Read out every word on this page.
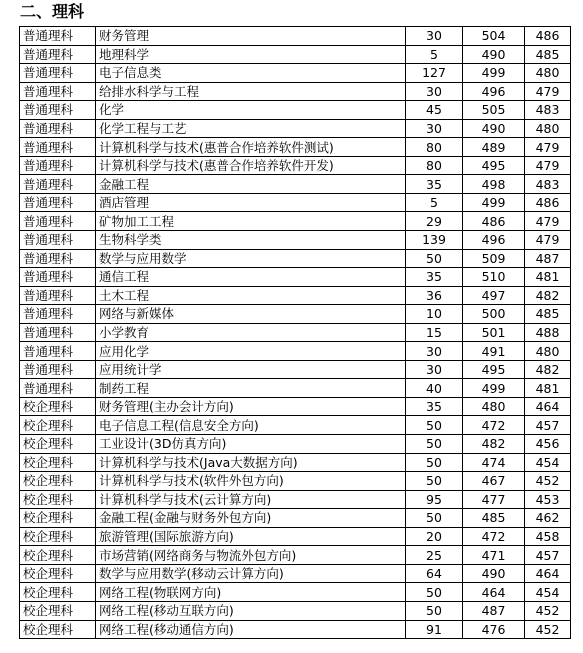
二、理科
普通理科	财务管理	30	504	486
普通理科	地理科学	5	490	485
普通理科	电子信息类	127	499	480
普通理科	给排水科学与工程	30	496	479
普通理科	化学	45	505	483
普通理科	化学工程与工艺	30	490	480
普通理科	计算机科学与技术(惠普合作培养软件测试)	80	489	479
普通理科	计算机科学与技术(惠普合作培养软件开发)	80	495	479
普通理科	金融工程	35	498	483
普通理科	酒店管理	5	499	486
普通理科	矿物加工工程	29	486	479
普通理科	生物科学类	139	496	479
普通理科	数学与应用数学	50	509	487
普通理科	通信工程	35	510	481
普通理科	土木工程	36	497	482
普通理科	网络与新媒体	10	500	485
普通理科	小学教育	15	501	488
普通理科	应用化学	30	491	480
普通理科	应用统计学	30	495	482
普通理科	制药工程	40	499	481
校企理科	财务管理(主办会计方向)	35	480	464
校企理科	电子信息工程(信息安全方向)	50	472	457
校企理科	工业设计(3D仿真方向)	50	482	456
校企理科	计算机科学与技术(Java大数据方向)	50	474	454
校企理科	计算机科学与技术(软件外包方向)	50	467	452
校企理科	计算机科学与技术(云计算方向)	95	477	453
校企理科	金融工程(金融与财务外包方向)	50	485	462
校企理科	旅游管理(国际旅游方向)	20	472	458
校企理科	市场营销(网络商务与物流外包方向)	25	471	457
校企理科	数学与应用数学(移动云计算方向)	64	490	464
校企理科	网络工程(物联网方向)	50	464	454
校企理科	网络工程(移动互联方向)	50	487	452
校企理科	网络工程(移动通信方向)	91	476	452
